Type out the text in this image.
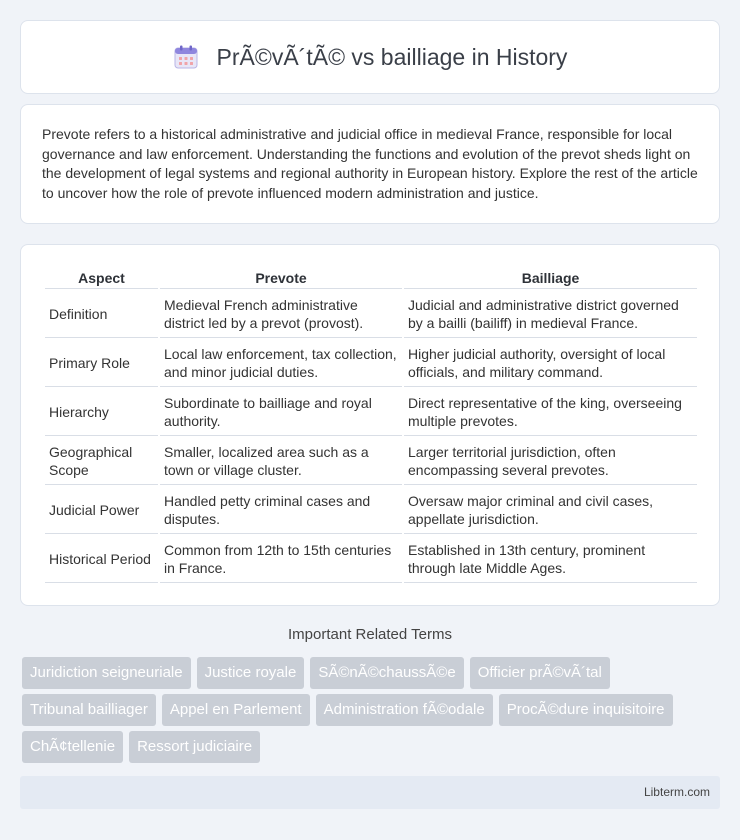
PrÃ©vÃ´tÃ© vs bailliage in History

Prevote refers to a historical administrative and judicial office in medieval France, responsible for local governance and law enforcement. Understanding the functions and evolution of the prevot sheds light on the development of legal systems and regional authority in European history. Explore the rest of the article to uncover how the role of prevote influenced modern administration and justice.

Aspect	Prevote	Bailliage
Definition	Medieval French administrative district led by a prevot (provost).	Judicial and administrative district governed by a bailli (bailiff) in medieval France.
Primary Role	Local law enforcement, tax collection, and minor judicial duties.	Higher judicial authority, oversight of local officials, and military command.
Hierarchy	Subordinate to bailliage and royal authority.	Direct representative of the king, overseeing multiple prevotes.
Geographical Scope	Smaller, localized area such as a town or village cluster.	Larger territorial jurisdiction, often encompassing several prevotes.
Judicial Power	Handled petty criminal cases and disputes.	Oversaw major criminal and civil cases, appellate jurisdiction.
Historical Period	Common from 12th to 15th centuries in France.	Established in 13th century, prominent through late Middle Ages.
Important Related Terms
Juridiction seigneuriale	Justice royale	SÃ©nÃ©chaussÃ©e	Officier prÃ©vÃ´tal
Tribunal bailliager	Appel en Parlement	Administration fÃ©odale	ProcÃ©dure inquisitoire
ChÃ¢tellenie	Ressort judiciaire
Libterm.com
